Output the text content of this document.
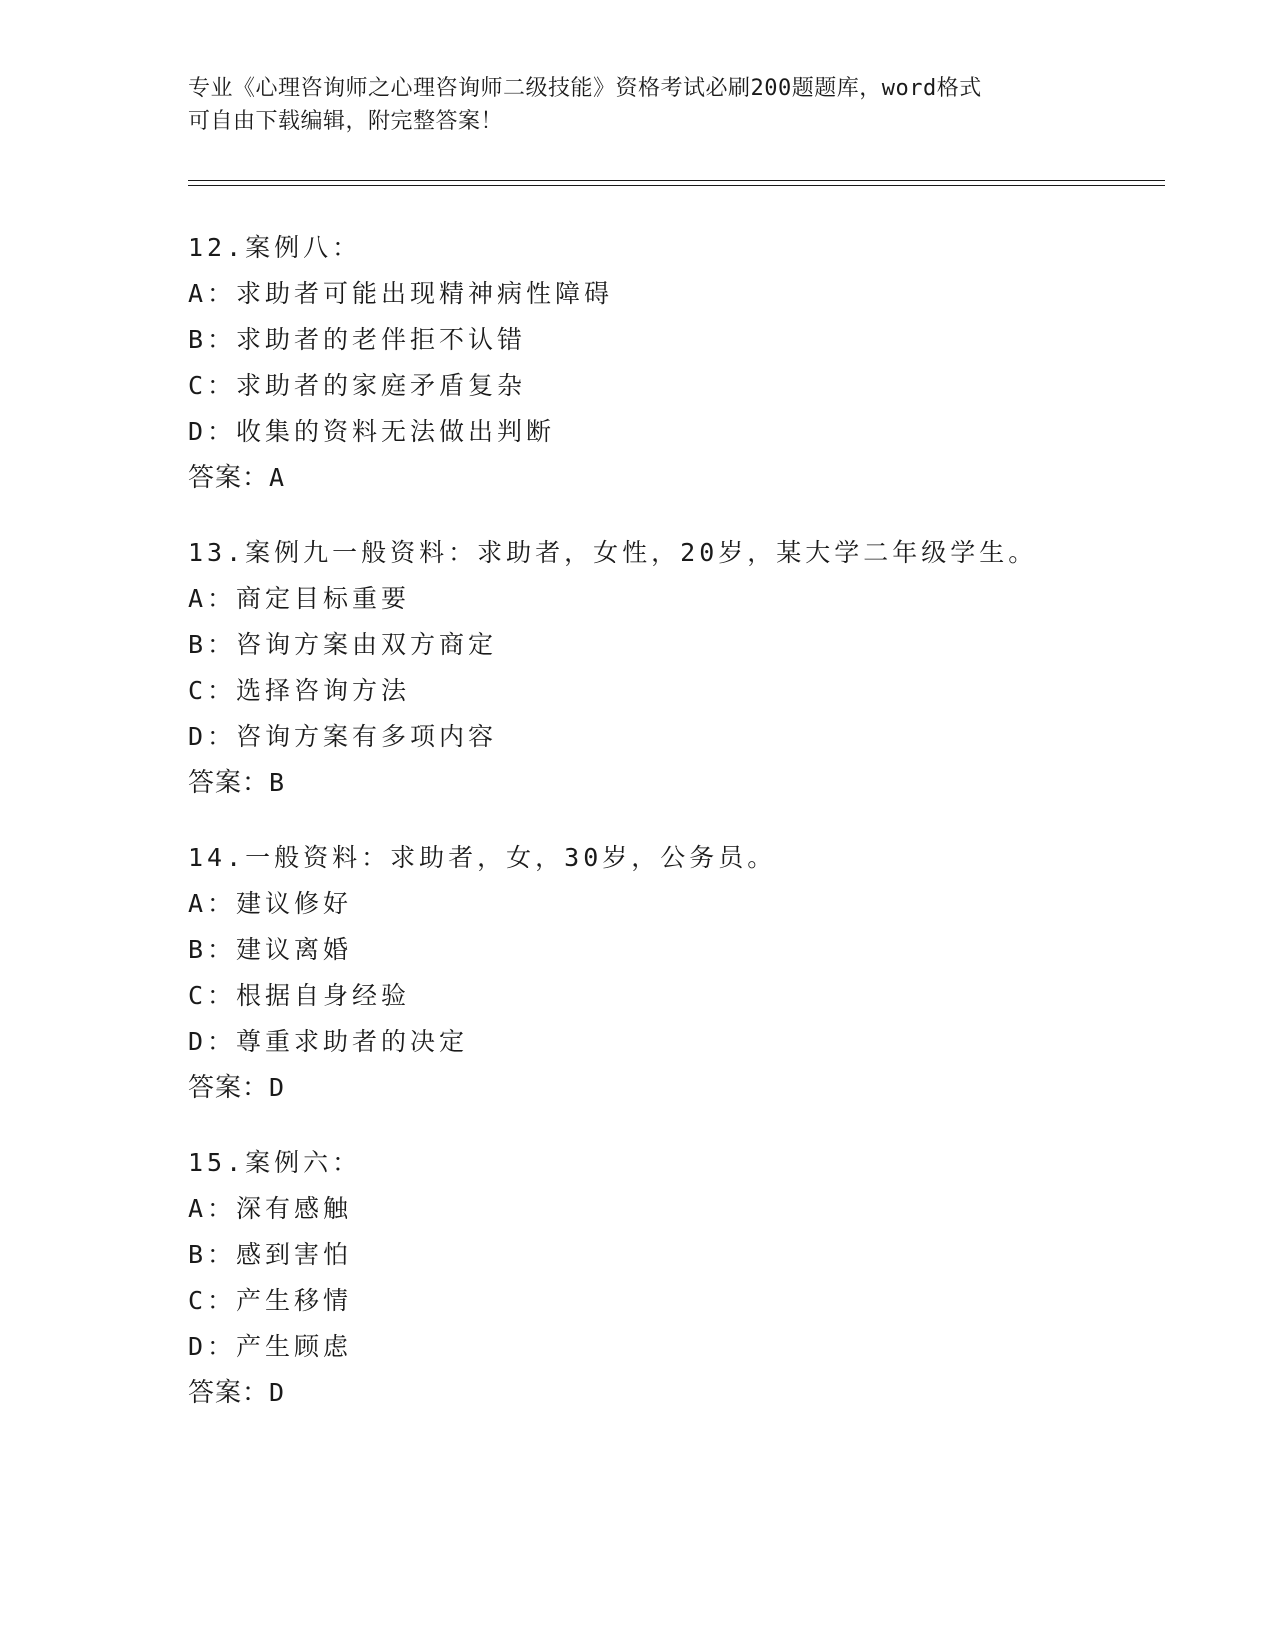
专业《心理咨询师之心理咨询师二级技能》资格考试必刷200题题库，word格式
可自由下载编辑，附完整答案！
12.案例八：
A：求助者可能出现精神病性障碍
B：求助者的老伴拒不认错
C：求助者的家庭矛盾复杂
D：收集的资料无法做出判断
答案：A
13.案例九一般资料：求助者，女性，20岁，某大学二年级学生。
A：商定目标重要
B：咨询方案由双方商定
C：选择咨询方法
D：咨询方案有多项内容
答案：B
14.一般资料：求助者，女，30岁，公务员。
A：建议修好
B：建议离婚
C：根据自身经验
D：尊重求助者的决定
答案：D
15.案例六：
A：深有感触
B：感到害怕
C：产生移情
D：产生顾虑
答案：D
